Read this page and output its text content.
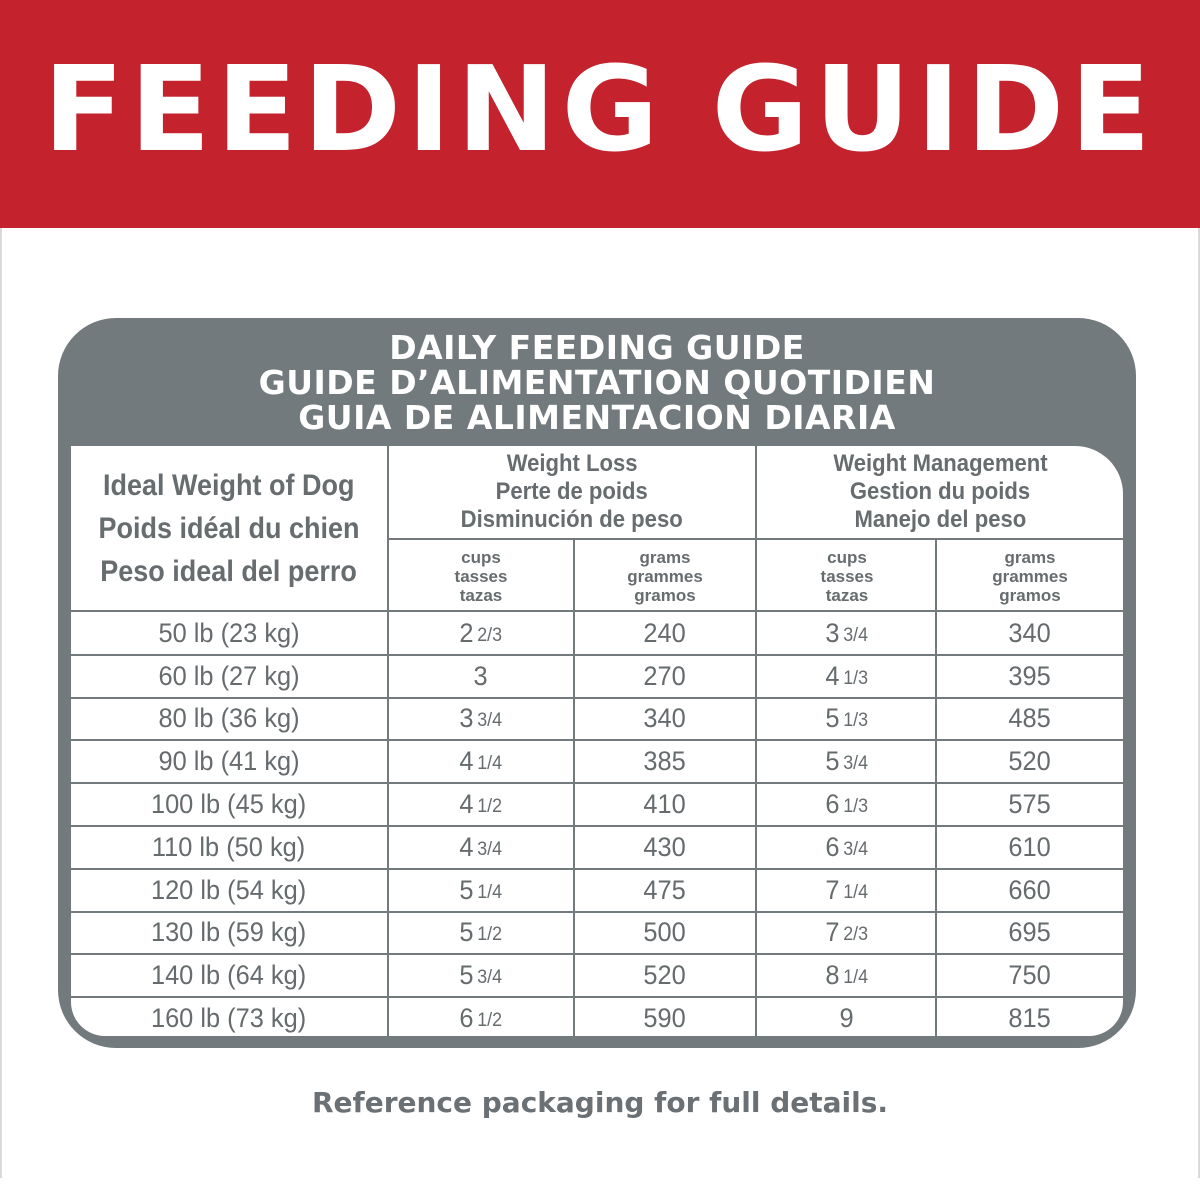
FEEDING GUIDE
DAILY FEEDING GUIDE
GUIDE D’ALIMENTATION QUOTIDIEN
GUIA DE ALIMENTACION DIARIA
Ideal Weight of Dog
Poids idéal du chien
Peso ideal del perro
Weight Loss
Perte de poids
Disminución de peso
Weight Management
Gestion du poids
Manejo del peso
cups
tasses
tazas
grams
grammes
gramos
cups
tasses
tazas
grams
grammes
gramos
50 lb (23 kg)	2 2/3	240	3 3/4	340
60 lb (27 kg)	3	270	4 1/3	395
80 lb (36 kg)	3 3/4	340	5 1/3	485
90 lb (41 kg)	4 1/4	385	5 3/4	520
100 lb (45 kg)	4 1/2	410	6 1/3	575
110 lb (50 kg)	4 3/4	430	6 3/4	610
120 lb (54 kg)	5 1/4	475	7 1/4	660
130 lb (59 kg)	5 1/2	500	7 2/3	695
140 lb (64 kg)	5 3/4	520	8 1/4	750
160 lb (73 kg)	6 1/2	590	9	815
Reference packaging for full details.
